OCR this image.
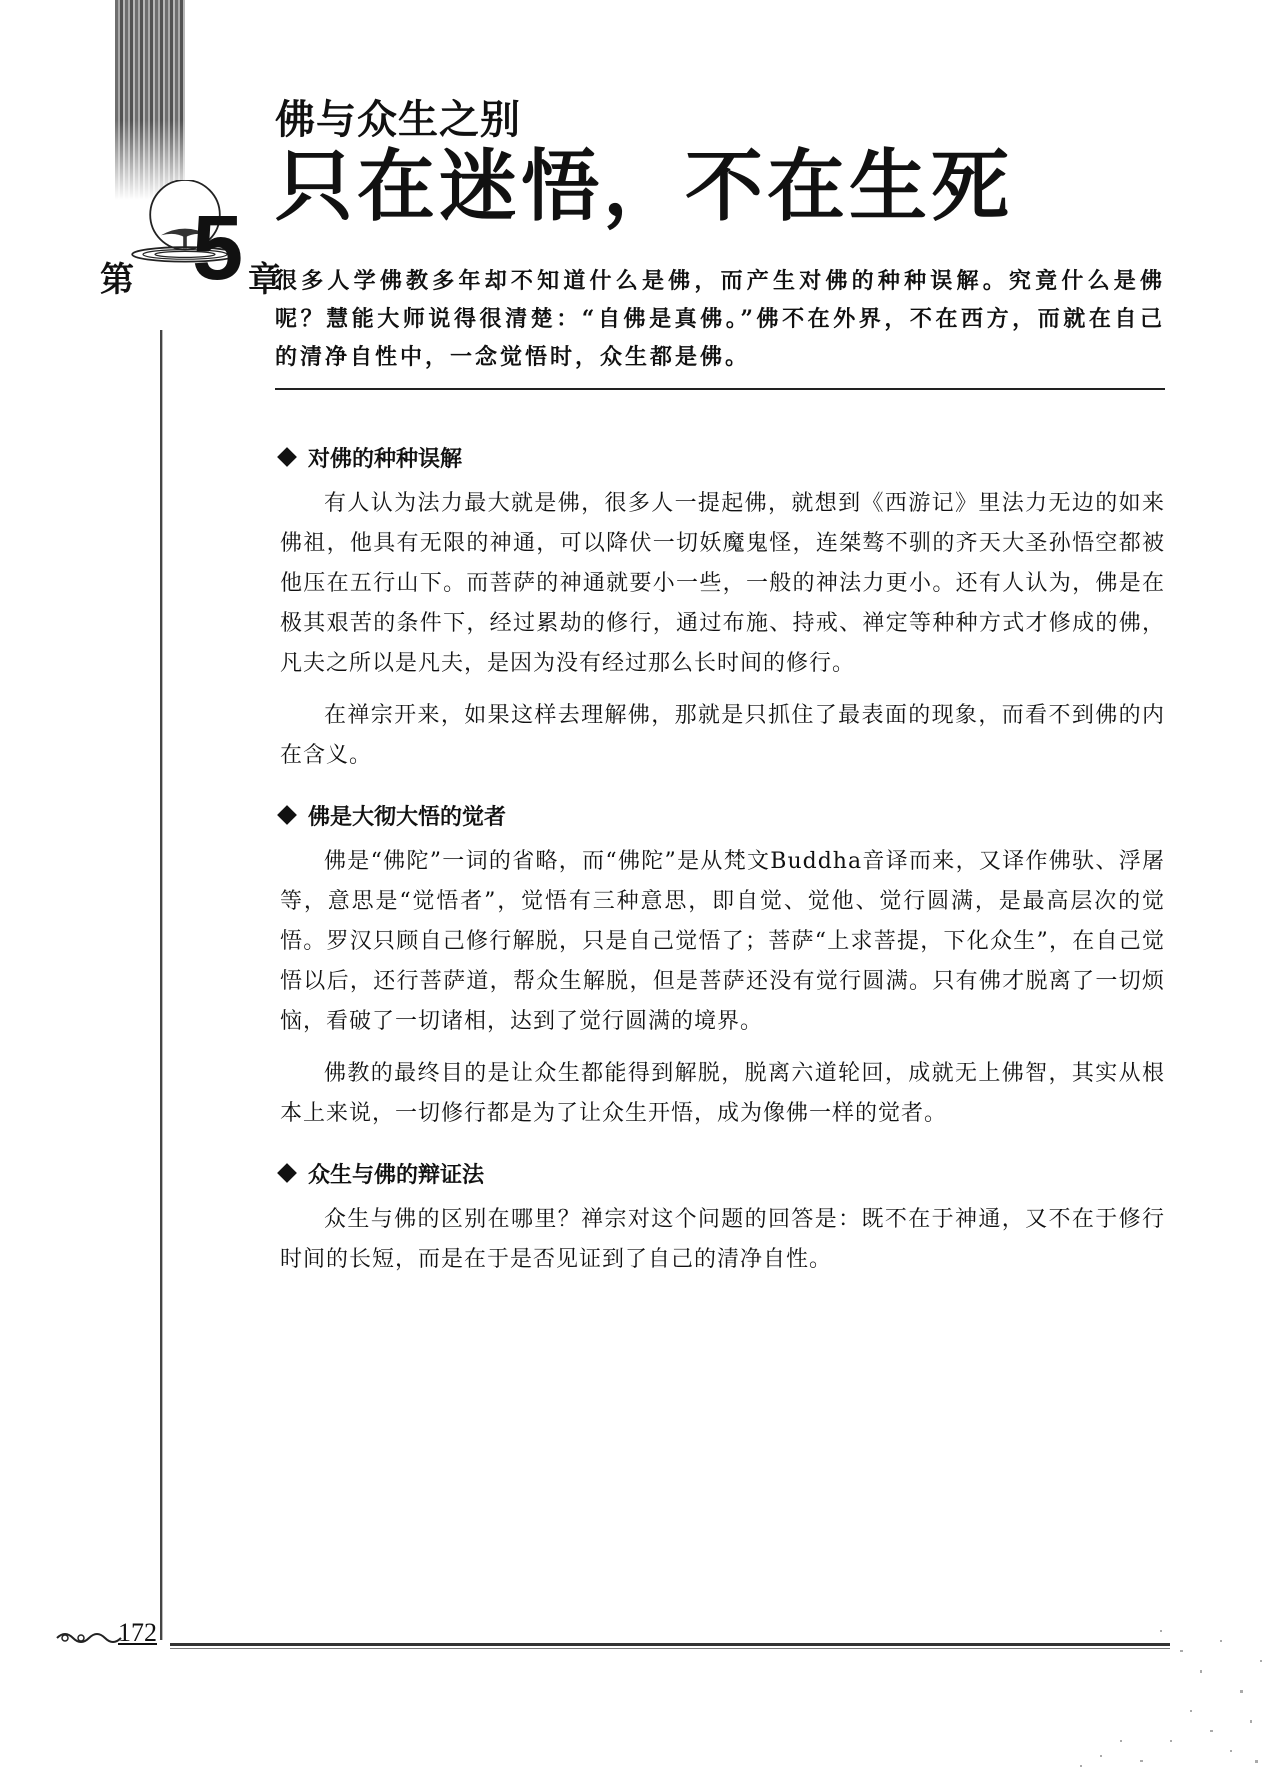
第 5 章
佛与众生之别
只在迷悟，不在生死
很多人学佛教多年却不知道什么是佛，而产生对佛的种种误解。究竟什么是佛呢？慧能大师说得很清楚：“自佛是真佛。”佛不在外界，不在西方，而就在自己的清净自性中，一念觉悟时，众生都是佛。
对佛的种种误解

有人认为法力最大就是佛，很多人一提起佛，就想到《西游记》里法力无边的如来佛祖，他具有无限的神通，可以降伏一切妖魔鬼怪，连桀骜不驯的齐天大圣孙悟空都被他压在五行山下。而菩萨的神通就要小一些，一般的神法力更小。还有人认为，佛是在极其艰苦的条件下，经过累劫的修行，通过布施、持戒、禅定等种种方式才修成的佛，凡夫之所以是凡夫，是因为没有经过那么长时间的修行。

在禅宗开来，如果这样去理解佛，那就是只抓住了最表面的现象，而看不到佛的内在含义。

佛是大彻大悟的觉者

佛是“佛陀”一词的省略，而“佛陀”是从梵文Buddha音译而来，又译作佛驮、浮屠等，意思是“觉悟者”，觉悟有三种意思，即自觉、觉他、觉行圆满，是最高层次的觉悟。罗汉只顾自己修行解脱，只是自己觉悟了；菩萨“上求菩提，下化众生”，在自己觉悟以后，还行菩萨道，帮众生解脱，但是菩萨还没有觉行圆满。只有佛才脱离了一切烦恼，看破了一切诸相，达到了觉行圆满的境界。

佛教的最终目的是让众生都能得到解脱，脱离六道轮回，成就无上佛智，其实从根本上来说，一切修行都是为了让众生开悟，成为像佛一样的觉者。

众生与佛的辩证法

众生与佛的区别在哪里？禅宗对这个问题的回答是：既不在于神通，又不在于修行时间的长短，而是在于是否见证到了自己的清净自性。

172
